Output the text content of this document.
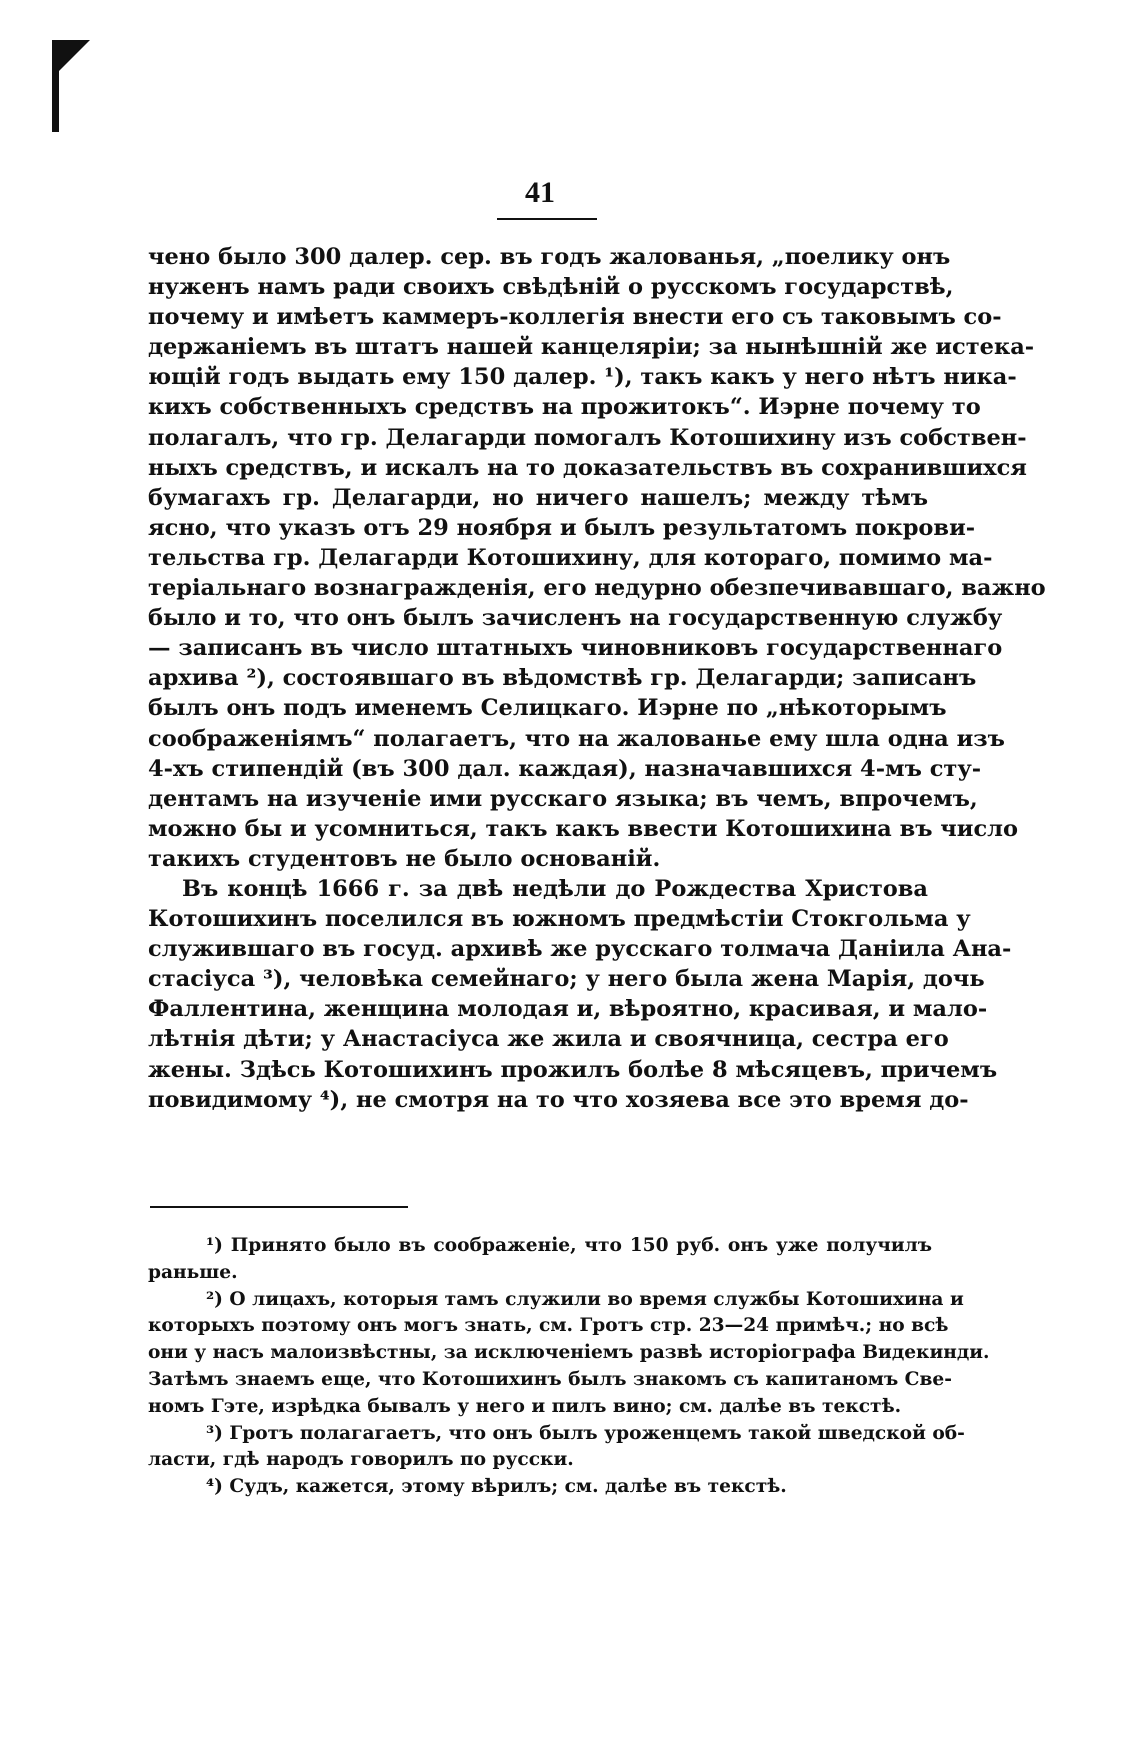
41
чено было 300 далер. сер. въ годъ жалованья, „поелику онъ
нуженъ намъ ради своихъ свѣдѣній о русскомъ государствѣ,
почему и имѣетъ каммеръ-коллегія внести его съ таковымъ со-
держаніемъ въ штатъ нашей канцеляріи; за нынѣшній же истека-
ющій годъ выдать ему 150 далер. ¹), такъ какъ у него нѣтъ никa-
кихъ собственныхъ средствъ на прожитокъ“. Иэрне почему то
полагалъ, что гр. Делагарди помогалъ Котошихину изъ собствен-
ныхъ средствъ, и искалъ на то доказательствъ въ сохранившихся
бумагахъ гр. Делагарди, но ничего нашелъ; между тѣмъ
ясно, что указъ отъ 29 ноября и былъ результатомъ покрови-
тельства гр. Делагарди Котошихину, для котораго, помимо ма-
теріальнаго вознагражденія, его недурно обезпечивавшаго, важно
было и то, что онъ былъ зачисленъ на государственную службу
— записанъ въ число штатныхъ чиновниковъ государственнаго
архива ²), состоявшаго въ вѣдомствѣ гр. Делагарди; записанъ
былъ онъ подъ именемъ Селицкаго. Иэрне по „нѣкоторымъ
соображеніямъ“ полагаетъ, что на жалованье ему шла одна изъ
4-хъ стипендій (въ 300 дал. каждая), назначавшихся 4-мъ сту-
дентамъ на изученіе ими русскаго языка; въ чемъ, впрочемъ,
можно бы и усомниться, такъ какъ ввести Котошихина въ число
такихъ студентовъ не было основаній.
Въ концѣ 1666 г. за двѣ недѣли до Рождества Христова
Котошихинъ поселился въ южномъ предмѣстіи Стокгольма у
служившаго въ госуд. архивѣ же русскаго толмача Даніила Ана-
стасіуса ³), человѣка семейнаго; у него была жена Марія, дочь
Фаллентина, женщина молодая и, вѣроятно, красивая, и мало-
лѣтнія дѣти; у Анастасіуса же жила и своячница, сестра его
жены. Здѣсь Котошихинъ прожилъ болѣе 8 мѣсяцевъ, причемъ
повидимому ⁴), не смотря на то что хозяева все это время до-
¹) Принято было въ соображеніе, что 150 руб. онъ уже получилъ
раньше.
²) О лицахъ, которыя тамъ служили во время службы Котошихина и
которыхъ поэтому онъ могъ знать, см. Гротъ стр. 23—24 примѣч.; но всѣ
они у насъ малоизвѣстны, за исключеніемъ развѣ исторіографа Видекинди.
Затѣмъ знаемъ еще, что Котошихинъ былъ знакомъ съ капитаномъ Све-
номъ Гэте, изрѣдка бывалъ у него и пилъ вино; см. далѣе въ текстѣ.
³) Гротъ полагагаетъ, что онъ былъ уроженцемъ такой шведской об-
ласти, гдѣ народъ говорилъ по русски.
⁴) Судъ, кажется, этому вѣрилъ; см. далѣе въ текстѣ.
